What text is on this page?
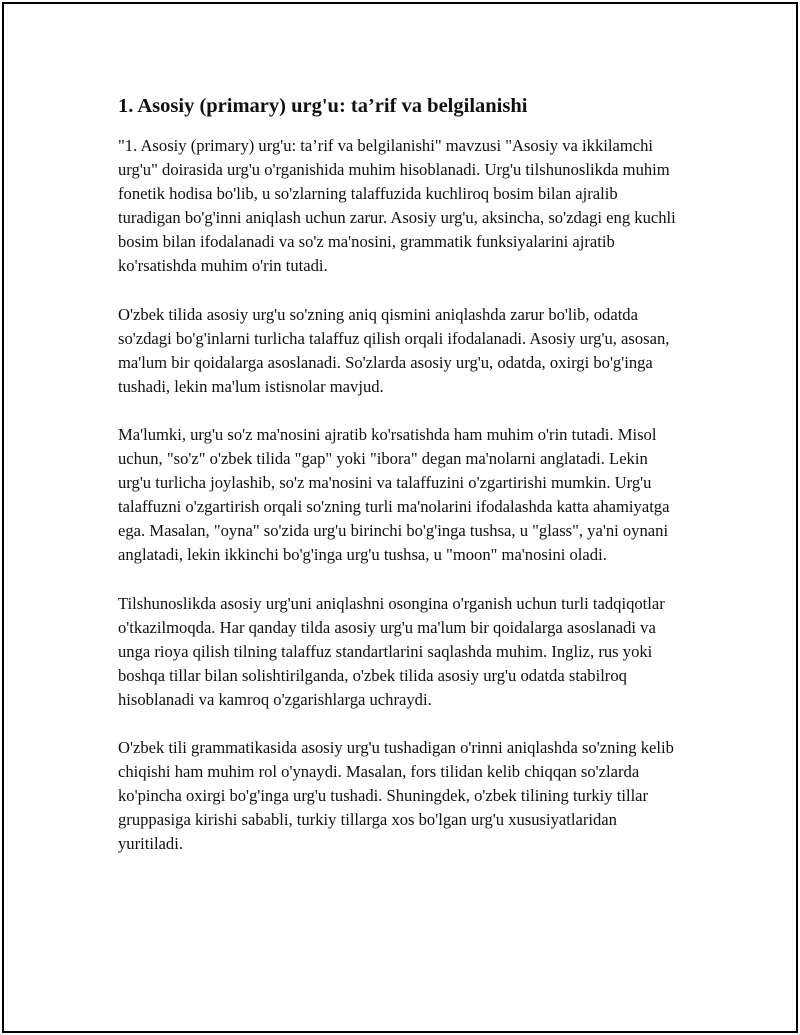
1. Asosiy (primary) urg'u: ta’rif va belgilanishi

"1. Asosiy (primary) urg'u: ta’rif va belgilanishi" mavzusi "Asosiy va ikkilamchi urg'u" doirasida urg'u o'rganishida muhim hisoblanadi. Urg'u tilshunoslikda muhim fonetik hodisa bo'lib, u so'zlarning talaffuzida kuchliroq bosim bilan ajralib turadigan bo'g'inni aniqlash uchun zarur. Asosiy urg'u, aksincha, so'zdagi eng kuchli bosim bilan ifodalanadi va so'z ma'nosini, grammatik funksiyalarini ajratib ko'rsatishda muhim o'rin tutadi.

O'zbek tilida asosiy urg'u so'zning aniq qismini aniqlashda zarur bo'lib, odatda so'zdagi bo'g'inlarni turlicha talaffuz qilish orqali ifodalanadi. Asosiy urg'u, asosan, ma'lum bir qoidalarga asoslanadi. So'zlarda asosiy urg'u, odatda, oxirgi bo'g'inga tushadi, lekin ma'lum istisnolar mavjud.

Ma'lumki, urg'u so'z ma'nosini ajratib ko'rsatishda ham muhim o'rin tutadi. Misol uchun, "so'z" o'zbek tilida "gap" yoki "ibora" degan ma'nolarni anglatadi. Lekin urg'u turlicha joylashib, so'z ma'nosini va talaffuzini o'zgartirishi mumkin. Urg'u talaffuzni o'zgartirish orqali so'zning turli ma'nolarini ifodalashda katta ahamiyatga ega. Masalan, "oyna" so'zida urg'u birinchi bo'g'inga tushsa, u "glass", ya'ni oynani anglatadi, lekin ikkinchi bo'g'inga urg'u tushsa, u "moon" ma'nosini oladi.

Tilshunoslikda asosiy urg'uni aniqlashni osongina o'rganish uchun turli tadqiqotlar o'tkazilmoqda. Har qanday tilda asosiy urg'u ma'lum bir qoidalarga asoslanadi va unga rioya qilish tilning talaffuz standartlarini saqlashda muhim. Ingliz, rus yoki boshqa tillar bilan solishtirilganda, o'zbek tilida asosiy urg'u odatda stabilroq hisoblanadi va kamroq o'zgarishlarga uchraydi.

O'zbek tili grammatikasida asosiy urg'u tushadigan o'rinni aniqlashda so'zning kelib chiqishi ham muhim rol o'ynaydi. Masalan, fors tilidan kelib chiqqan so'zlarda ko'pincha oxirgi bo'g'inga urg'u tushadi. Shuningdek, o'zbek tilining turkiy tillar gruppasiga kirishi sababli, turkiy tillarga xos bo'lgan urg'u xususiyatlaridan yuritiladi.
